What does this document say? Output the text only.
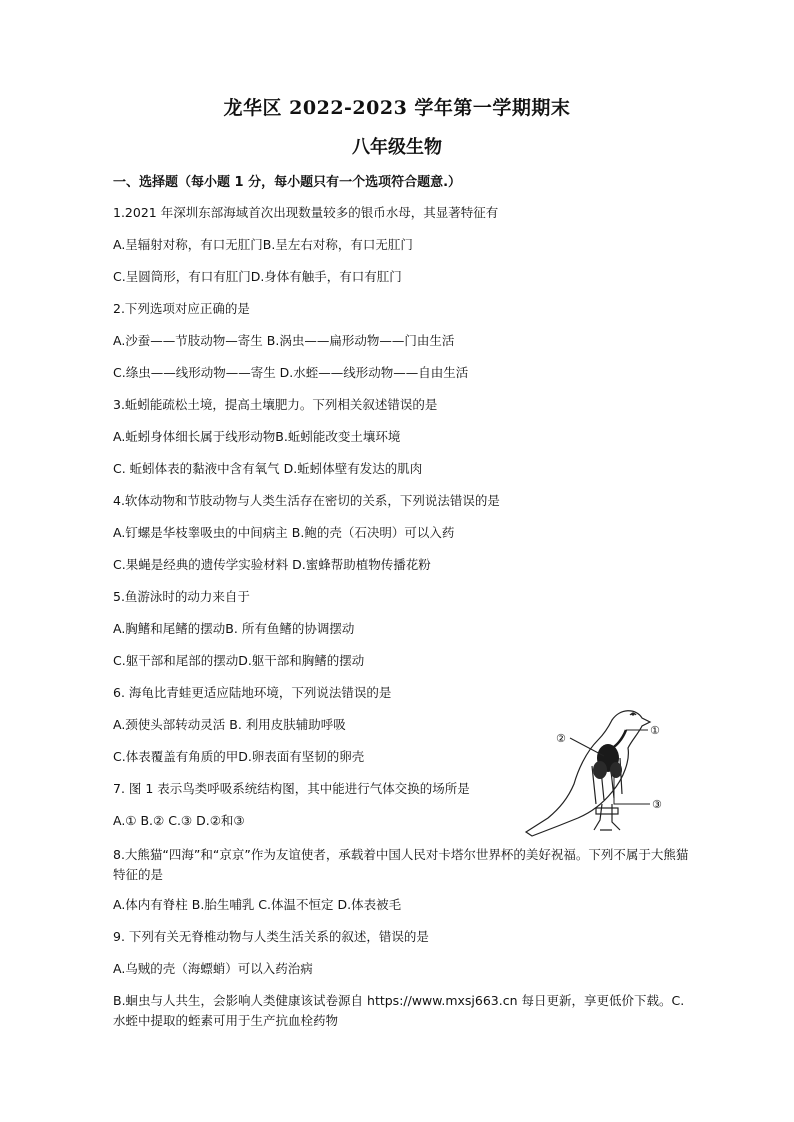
龙华区 2022-2023 学年第一学期期末
八年级生物
一、选择题（每小题 1 分，每小题只有一个选项符合题意.）
1.2021 年深圳东部海域首次出现数量较多的银币水母，其显著特征有
A.呈辐射对称，有口无肛门B.呈左右对称，有口无肛门
C.呈圆筒形，有口有肛门D.身体有触手，有口有肛门
2.下列选项对应正确的是
A.沙蚕——节肢动物—寄生 B.涡虫——扁形动物——门由生活
C.绦虫——线形动物——寄生 D.水蛭——线形动物——自由生活
3.蚯蚓能疏松土境，提高土壤肥力。下列相关叙述错误的是
A.蚯蚓身体细长属于线形动物B.蚯蚓能改变土壤环境
C. 蚯蚓体表的黏液中含有氧气 D.蚯蚓体壁有发达的肌肉
4.软体动物和节肢动物与人类生活存在密切的关系，下列说法错误的是
A.钉螺是华枝睾吸虫的中间病主 B.鲍的壳（石决明）可以入药
C.果蝇是经典的遗传学实验材料 D.蜜蜂帮助植物传播花粉
5.鱼游泳时的动力来自于
A.胸鳍和尾鳍的摆动B. 所有鱼鳍的协调摆动
C.躯干部和尾部的摆动D.躯干部和胸鳍的摆动
6. 海龟比青蛙更适应陆地环境，下列说法错误的是
A.颈使头部转动灵活 B. 利用皮肤辅助呼吸
C.体表覆盖有角质的甲D.卵表面有坚韧的卵壳
7. 图 1 表示鸟类呼吸系统结构图，其中能进行气体交换的场所是
A.① B.② C.③ D.②和③
8.大熊猫“四海”和“京京”作为友谊使者，承载着中国人民对卡塔尔世界杯的美好祝福。下列不属于大熊猫特征的是
A.体内有脊柱 B.胎生哺乳 C.体温不恒定 D.体表被毛
9. 下列有关无脊椎动物与人类生活关系的叙述，错误的是
A.乌贼的壳（海螵蛸）可以入药治病
B.蛔虫与人共生，会影响人类健康该试卷源自 https://www.mxsj663.cn 每日更新，享更低价下载。C.水蛭中提取的蛭素可用于生产抗血栓药物
②
①
③
